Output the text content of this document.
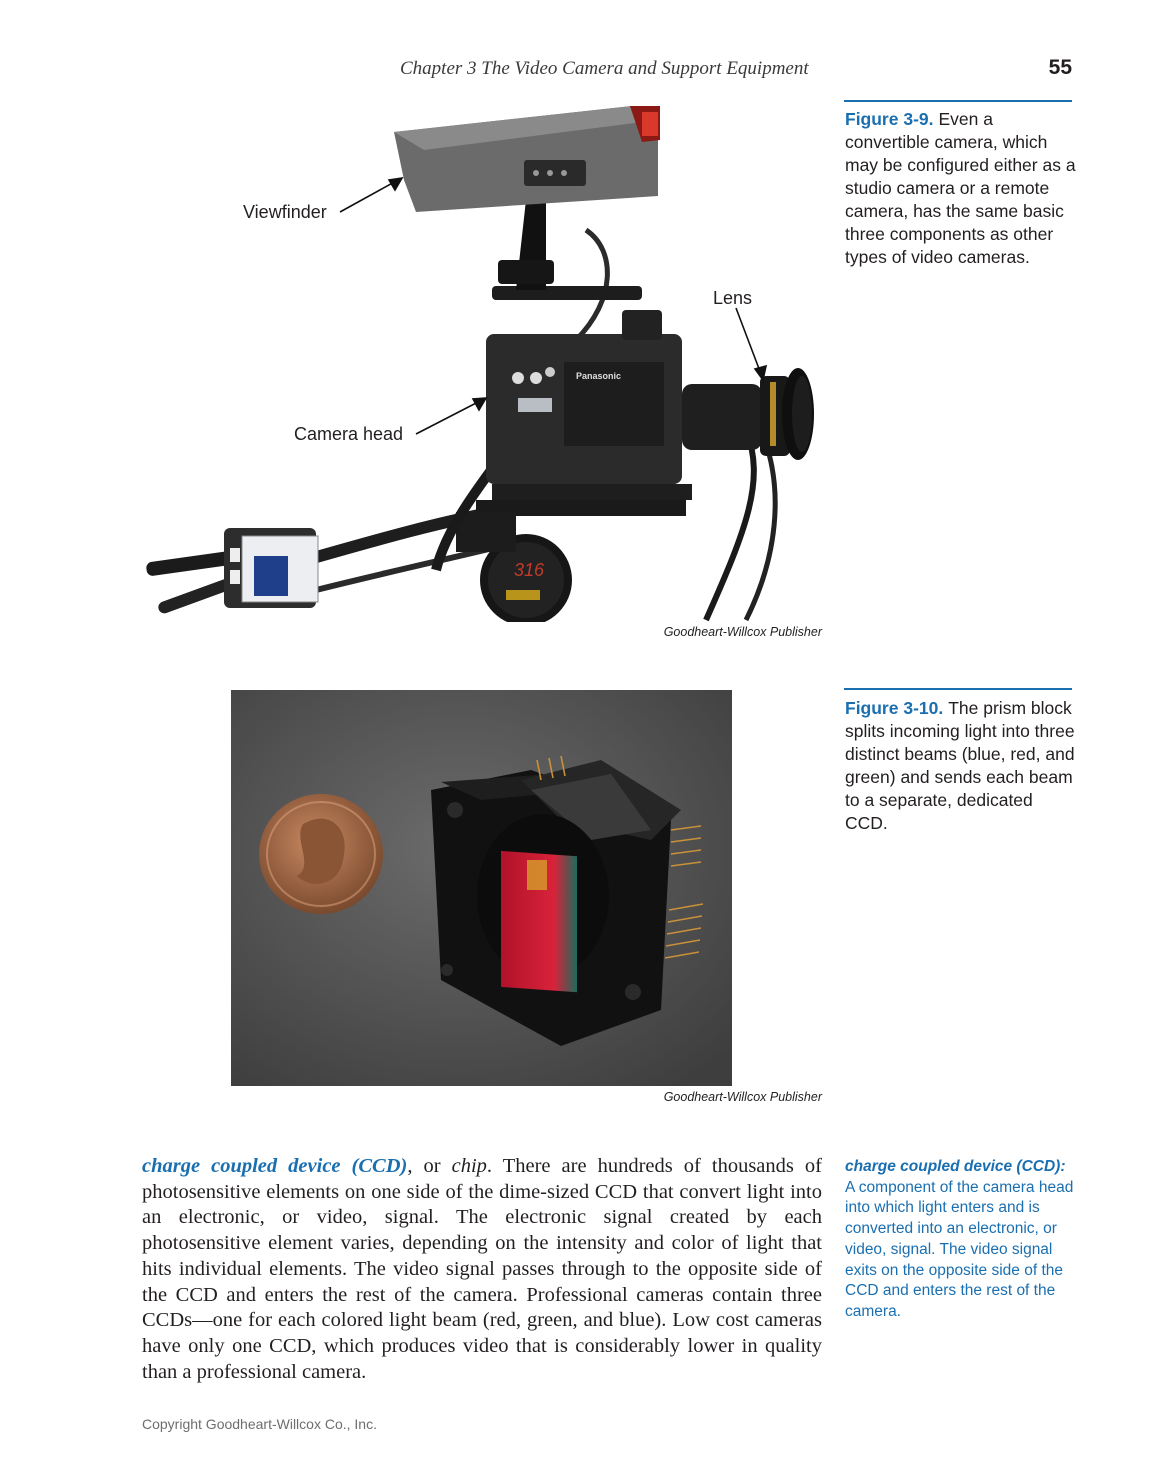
Chapter 3 The Video Camera and Support Equipment	55
316
Panasonic
Viewfinder
Lens
Camera head
Goodheart-Willcox Publisher
Figure 3-9. Even a convertible camera, which may be configured either as a studio camera or a remote camera, has the same basic three components as other types of video cameras.
Goodheart-Willcox Publisher
Figure 3-10. The prism block splits incoming light into three distinct beams (blue, red, and green) and sends each beam to a separate, dedicated CCD.

charge coupled device (CCD), or chip. There are hundreds of thousands of photosensitive elements on one side of the dime-sized CCD that convert light into an electronic, or video, signal. The electronic signal created by each photosensitive element varies, depending on the intensity and color of light that hits individual elements. The video signal passes through to the opposite side of the CCD and enters the rest of the camera. Professional cameras contain three CCDs—one for each colored light beam (red, green, and blue). Low cost cameras have only one CCD, which produces video that is considerably lower in quality than a professional camera.

charge coupled device (CCD): A component of the camera head into which light enters and is converted into an electronic, or video, signal. The video signal exits on the opposite side of the CCD and enters the rest of the camera.
Copyright Goodheart-Willcox Co., Inc.
